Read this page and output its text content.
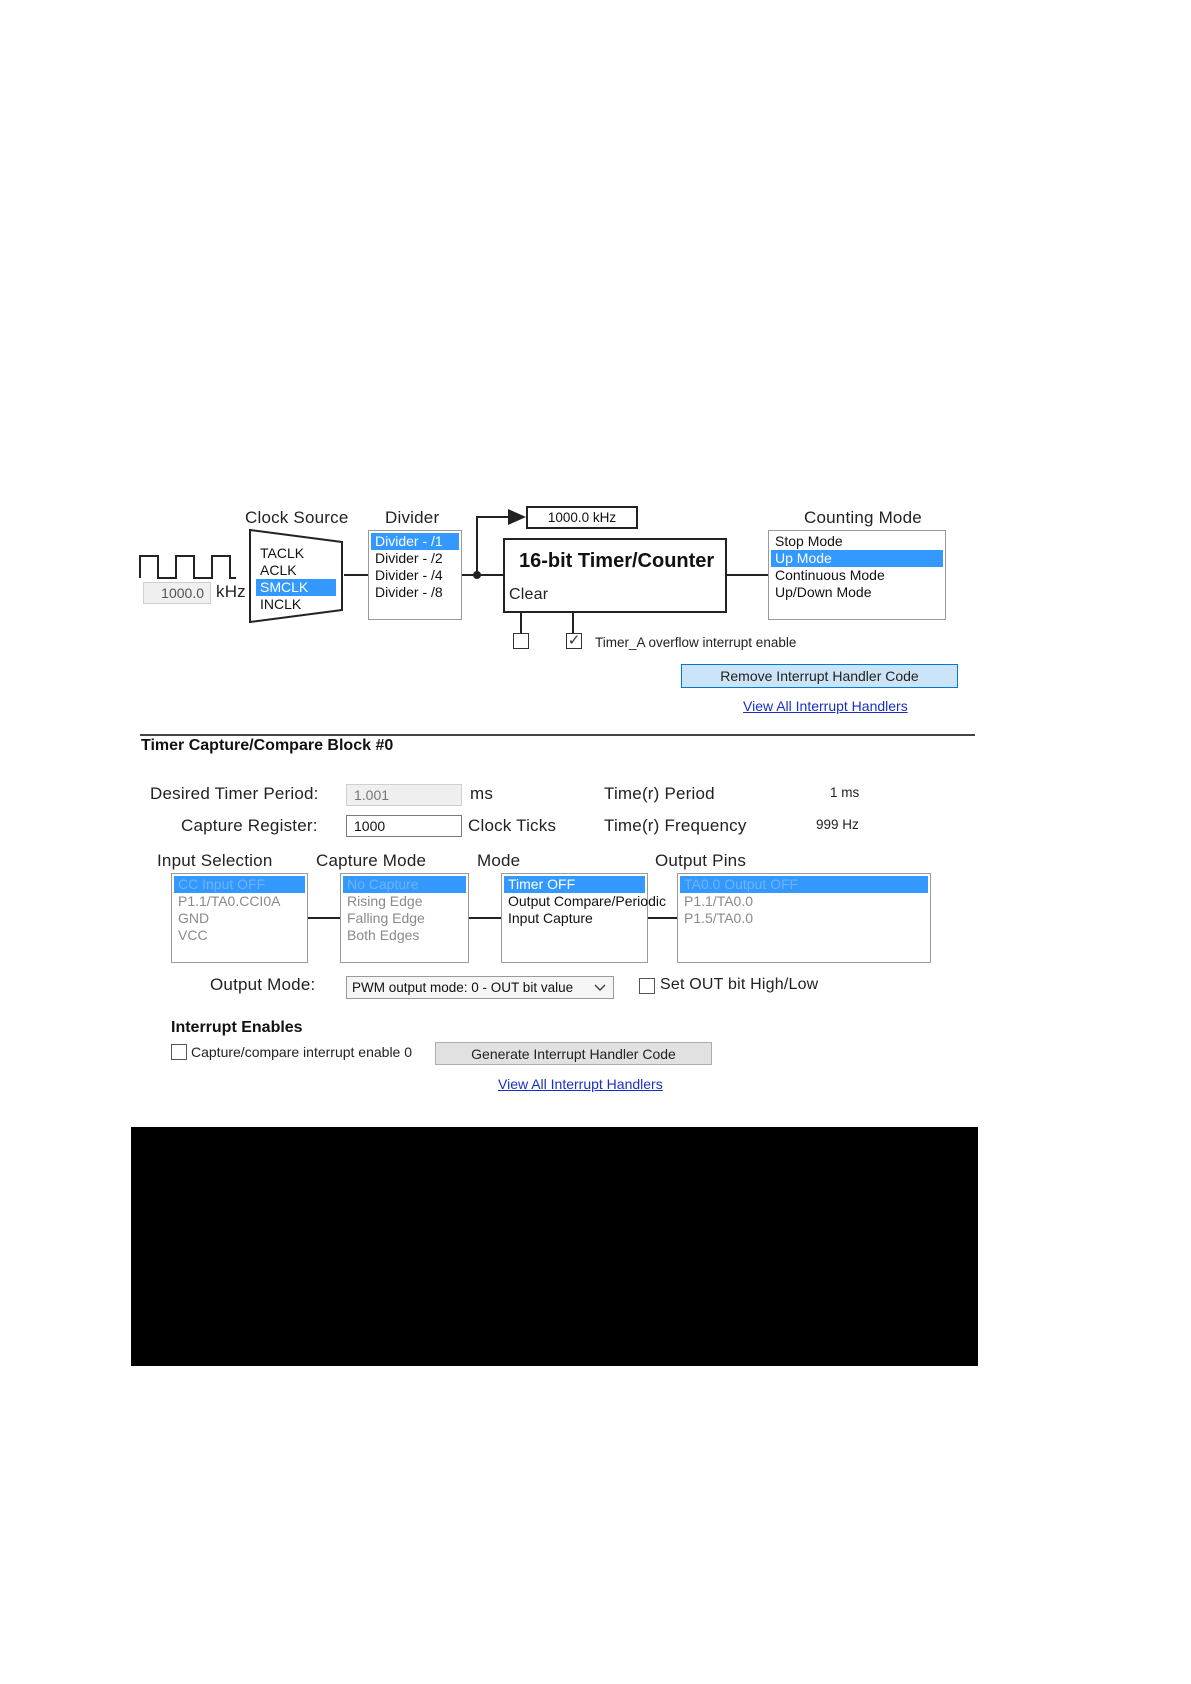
1000.0 kHz
Clock Source
TACLK
ACLK
SMCLK
INCLK
Divider
Divider - /1
Divider - /2
Divider - /4
Divider - /8
1000.0 kHz
16-bit Timer/Counter
Clear
✓ Timer_A overflow interrupt enable
Counting Mode
Stop Mode
Up Mode
Continuous Mode
Up/Down Mode
Remove Interrupt Handler Code
View All Interrupt Handlers
Timer Capture/Compare Block #0
Desired Timer Period:	1.001	ms
Capture Register:	1000	Clock Ticks
Time(r) Period	1 ms
Time(r) Frequency	999 Hz
Input Selection
CC Input OFF
P1.1/TA0.CCI0A
GND
VCC
Capture Mode
No Capture
Rising Edge
Falling Edge
Both Edges
Mode
Timer OFF
Output Compare/Periodic
Input Capture
Output Pins
TA0.0 Output OFF
P1.1/TA0.0
P1.5/TA0.0
Output Mode:	PWM output mode: 0 - OUT bit value	Set OUT bit High/Low
Interrupt Enables
Capture/compare interrupt enable 0	Generate Interrupt Handler Code
View All Interrupt Handlers
